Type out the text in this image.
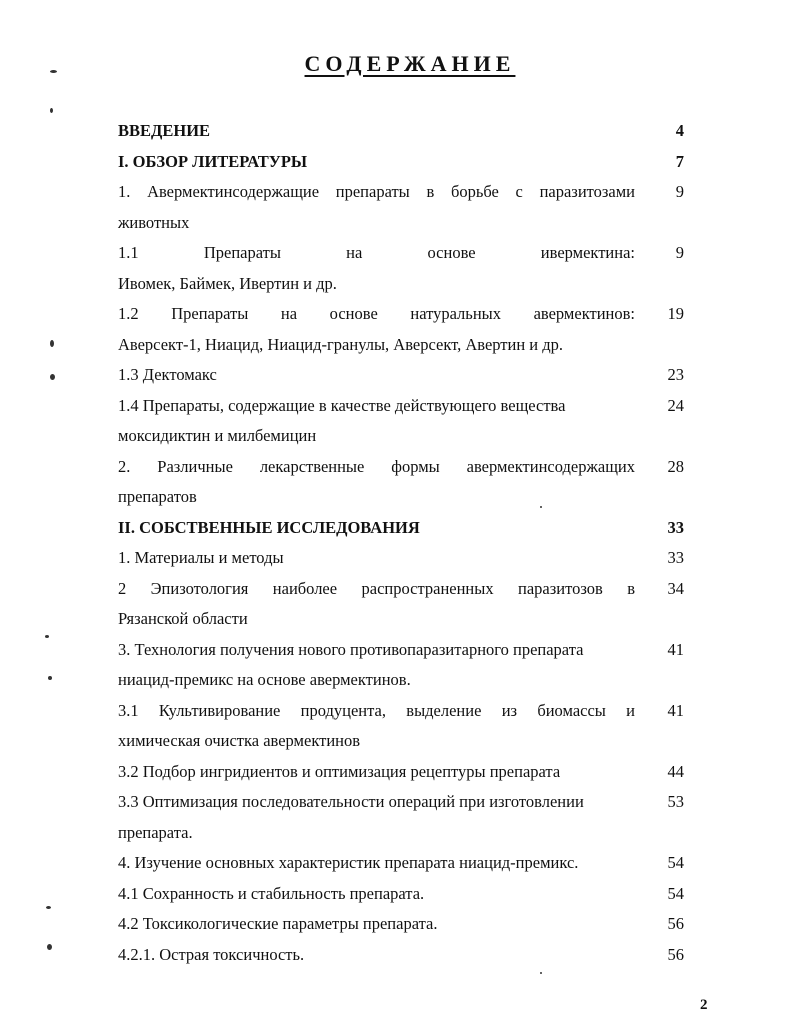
СОДЕРЖАНИЕ
ВВЕДЕНИЕ	4
I. ОБЗОР ЛИТЕРАТУРЫ	7
1. Авермектинсодержащие препараты в борьбе с паразитозами	9
животных
1.1 Препараты на основе ивермектина:	9
Ивомек, Баймек, Ивертин и др.
1.2 Препараты на основе натуральных авермектинов:	19
Аверсект-1, Ниацид, Ниацид-гранулы, Аверсект, Авертин и др.
1.3 Дектомакс	23
1.4 Препараты, содержащие в качестве действующего вещества	24
моксидиктин и милбемицин
2. Различные лекарственные формы авермектинсодержащих	28
препаратов
II. СОБСТВЕННЫЕ ИССЛЕДОВАНИЯ	33
1. Материалы и методы	33
2 Эпизотология наиболее распространенных паразитозов в	34
Рязанской области
3. Технология получения нового противопаразитарного препарата	41
ниацид-премикс на основе авермектинов.
3.1 Культивирование продуцента, выделение из биомассы и	41
химическая очистка авермектинов
3.2 Подбор ингридиентов и оптимизация рецептуры препарата	44
3.3 Оптимизация последовательности операций при изготовлении	53
препарата.
4. Изучение основных характеристик препарата ниацид-премикс.	54
4.1 Сохранность и стабильность препарата.	54
4.2 Токсикологические параметры препарата.	56
4.2.1. Острая токсичность.	56
2
